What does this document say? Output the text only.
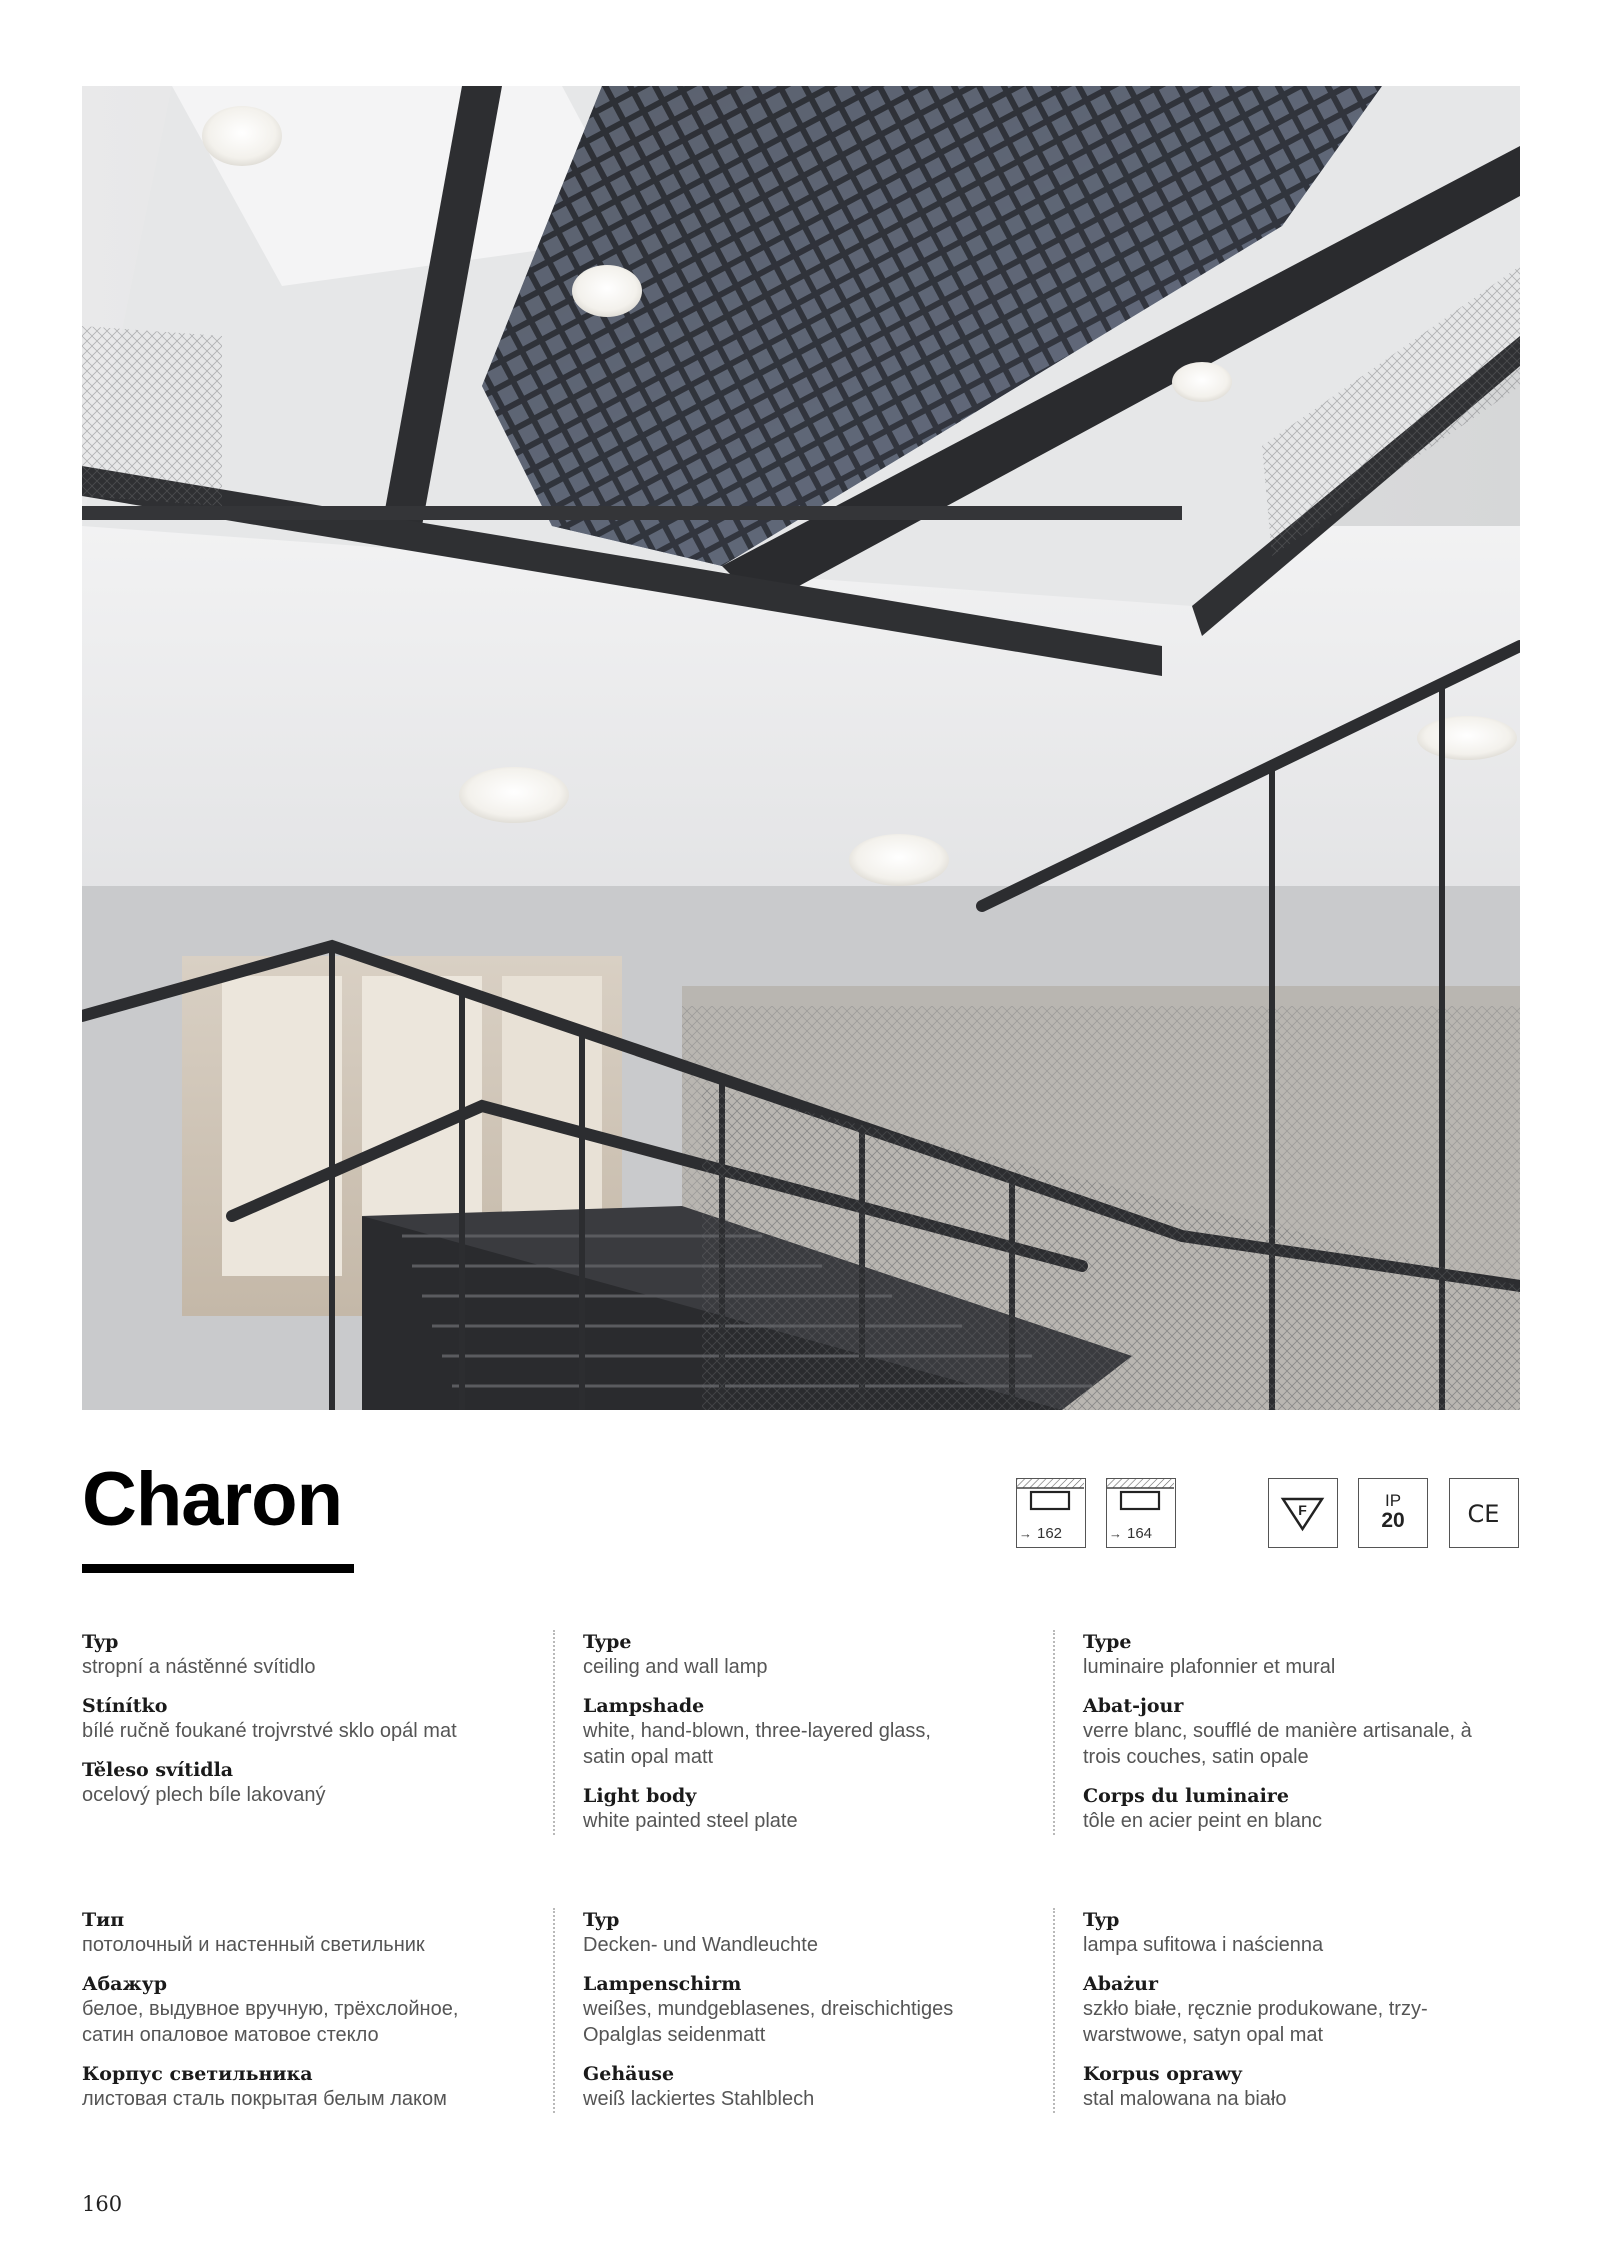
Charon	→ 162	→ 164
F	IP
20	CE

Typ

stropní a nástěnné svítidlo

Stínítko

bílé ručně foukané trojvrstvé sklo opál mat

Těleso svítidla

ocelový plech bíle lakovaný

Type

ceiling and wall lamp

Lampshade

white, hand-blown, three-layered glass, satin opal matt

Light body

white painted steel plate

Type

luminaire plafonnier et mural

Abat-jour

verre blanc, soufflé de manière artisanale, à trois couches, satin opale

Corps du luminaire

tôle en acier peint en blanc

Тип

потолочный и настенный светильник

Абажур

белое, выдувное вручную, трёхслойное, сатин опаловое матовое стекло

Корпус светильника

листовая сталь покрытая белым лаком

Typ

Decken- und Wandleuchte

Lampenschirm

weißes, mundgeblasenes, dreischichtiges Opalglas seidenmatt

Gehäuse

weiß lackiertes Stahlblech

Typ

lampa sufitowa i naścienna

Abażur

szkło białe, ręcznie produkowane, trzy-warstwowe, satyn opal mat

Korpus oprawy

stal malowana na biało

160
